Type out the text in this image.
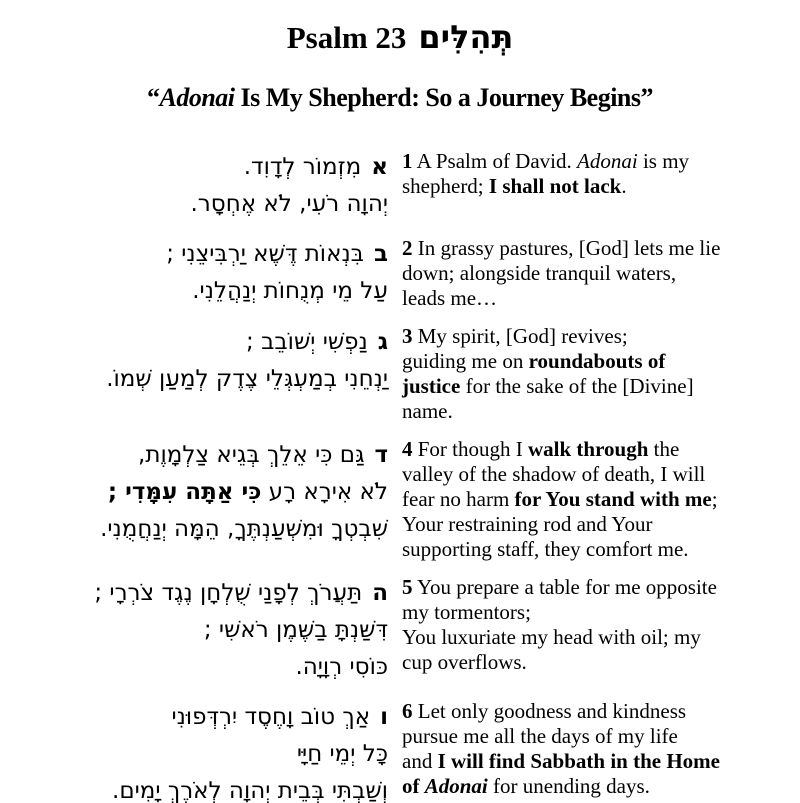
Psalm 23 תְּהִלִּים
“Adonai Is My Shepherd: So a Journey Begins”
אמִזְמוֹר לְדָוִד.
יְהוָה רֹעִי, לֹא אֶחְסָר.
1 A Psalm of David. Adonai is my
shepherd; I shall not lack.
בבִּנְאוֹת דֶּשֶׁא יַרְבִּיצֵנִי ;
עַל מֵי מְנֻחוֹת יְנַהֲלֵנִי.
2 In grassy pastures, [God] lets me lie
down; alongside tranquil waters,
leads me…
גנַפְשִׁי יְשׁוֹבֵב ;
יַנְחֵנִי בְמַעְגְּלֵי צֶדֶק לְמַעַן שְׁמוֹ.
3 My spirit, [God] revives;
guiding me on roundabouts of
justice for the sake of the [Divine]
name.
דגַּם כִּי אֵלֵךְ בְּגֵיא צַלְמָוֶת,
לֹא אִירָא רָע כִּי אַתָּה עִמָּדִי ;
שִׁבְטְךָ וּמִשְׁעַנְתֶּךָ, הֵמָּה יְנַחֲמֻנִי.
4 For though I walk through the
valley of the shadow of death, I will
fear no harm for You stand with me;
Your restraining rod and Your
supporting staff, they comfort me.
התַּעֲרֹךְ לְפָנַי שֻׁלְחָן נֶגֶד צֹרְרָי ;
דִּשַּׁנְתָּ בַשֶּׁמֶן רֹאשִׁי ;
כּוֹסִי רְוָיָה.
5 You prepare a table for me opposite
my tormentors;
You luxuriate my head with oil; my
cup overflows.
ואַךְ טוֹב וָחֶסֶד יִרְדְּפוּנִי
כָּל יְמֵי חַיָּי
וְשַׁבְתִּי בְּבֵית יְהוָה לְאֹרֶךְ יָמִים.
6 Let only goodness and kindness
pursue me all the days of my life
and I will find Sabbath in the Home
of Adonai for unending days.
